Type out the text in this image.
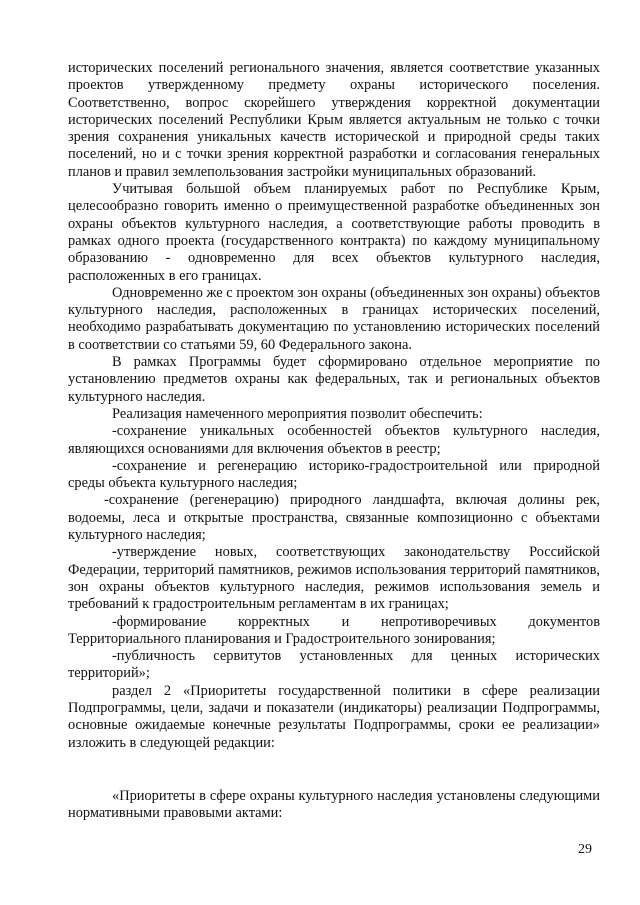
исторических поселений регионального значения, является соответствие указанных проектов утвержденному предмету охраны исторического поселения. Соответственно, вопрос скорейшего утверждения корректной документации исторических поселений Республики Крым является актуальным не только с точки зрения сохранения уникальных качеств исторической и природной среды таких поселений, но и с точки зрения корректной разработки и согласования генеральных планов и правил землепользования застройки муниципальных образований.

Учитывая большой объем планируемых работ по Республике Крым, целесообразно говорить именно о преимущественной разработке объединенных зон охраны объектов культурного наследия, а соответствующие работы проводить в рамках одного проекта (государственного контракта) по каждому муниципальному образованию - одновременно для всех объектов культурного наследия, расположенных в его границах.

Одновременно же с проектом зон охраны (объединенных зон охраны) объектов культурного наследия, расположенных в границах исторических поселений, необходимо разрабатывать документацию по установлению исторических поселений в соответствии со статьями 59, 60 Федерального закона.

В рамках Программы будет сформировано отдельное мероприятие по установлению предметов охраны как федеральных, так и региональных объектов культурного наследия.

Реализация намеченного мероприятия позволит обеспечить:

-сохранение уникальных особенностей объектов культурного наследия, являющихся основаниями для включения объектов в реестр;

-сохранение и регенерацию историко-градостроительной или природной среды объекта культурного наследия;

-сохранение (регенерацию) природного ландшафта, включая долины рек, водоемы, леса и открытые пространства, связанные композиционно с объектами культурного наследия;

-утверждение новых, соответствующих законодательству Российской Федерации, территорий памятников, режимов использования территорий памятников, зон охраны объектов культурного наследия, режимов использования земель и требований к градостроительным регламентам в их границах;

-формирование корректных и непротиворечивых документов Территориального планирования и Градостроительного зонирования;

-публичность сервитутов установленных для ценных исторических территорий»;

раздел 2 «Приоритеты государственной политики в сфере реализации Подпрограммы, цели, задачи и показатели (индикаторы) реализации Подпрограммы, основные ожидаемые конечные результаты Подпрограммы, сроки ее реализации» изложить в следующей редакции:

«Приоритеты в сфере охраны культурного наследия установлены следующими нормативными правовыми актами:

29
